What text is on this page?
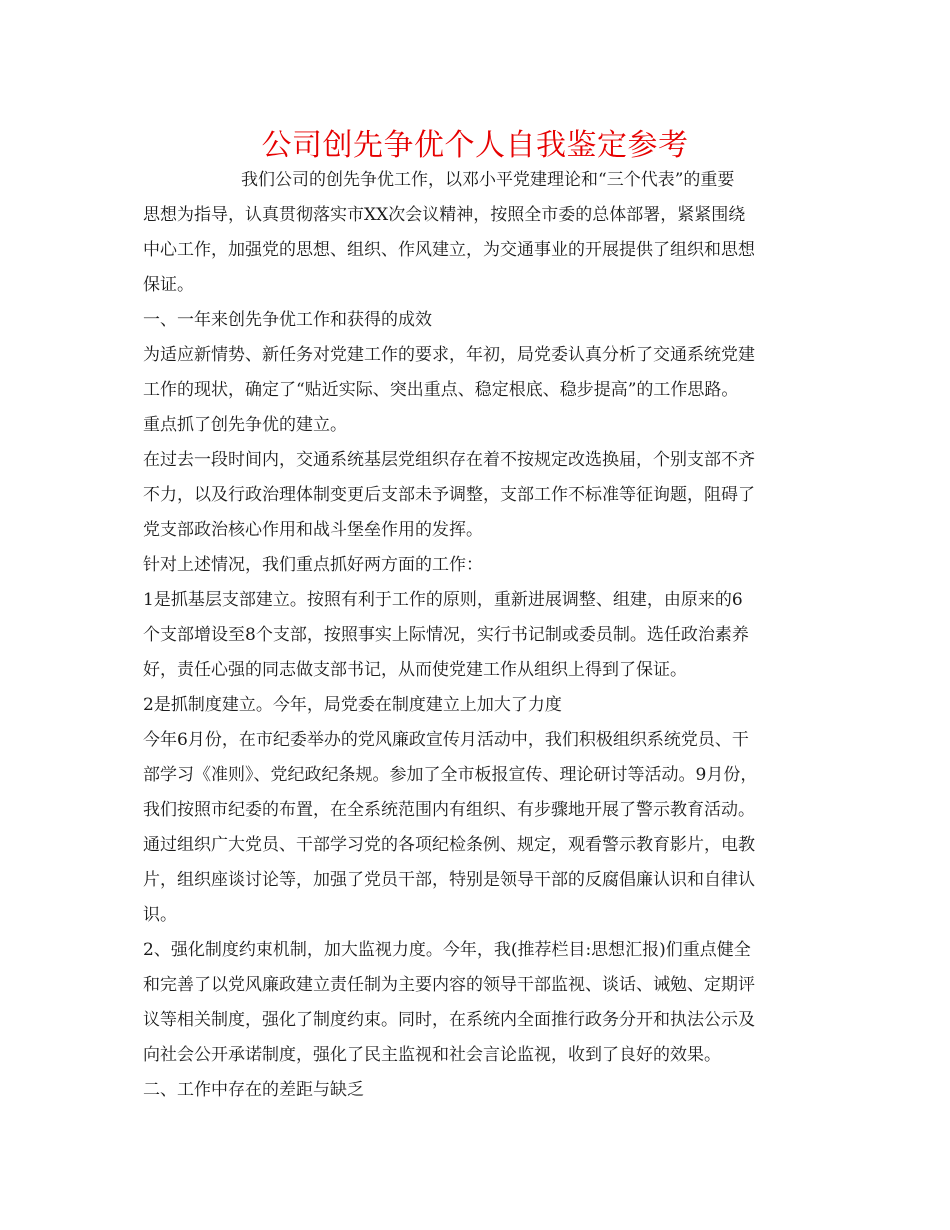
公司创先争优个人自我鉴定参考
我们公司的创先争优工作，以邓小平党建理论和“三个代表”的重要
思想为指导，认真贯彻落实市XX次会议精神，按照全市委的总体部署，紧紧围绕
中心工作，加强党的思想、组织、作风建立，为交通事业的开展提供了组织和思想
保证。
一、一年来创先争优工作和获得的成效
为适应新情势、新任务对党建工作的要求，年初，局党委认真分析了交通系统党建
工作的现状，确定了“贴近实际、突出重点、稳定根底、稳步提高”的工作思路。
重点抓了创先争优的建立。
在过去一段时间内，交通系统基层党组织存在着不按规定改选换届，个别支部不齐
不力，以及行政治理体制变更后支部未予调整，支部工作不标准等征询题，阻碍了
党支部政治核心作用和战斗堡垒作用的发挥。
针对上述情况，我们重点抓好两方面的工作：
1是抓基层支部建立。按照有利于工作的原则，重新进展调整、组建，由原来的6
个支部增设至8个支部，按照事实上际情况，实行书记制或委员制。选任政治素养
好，责任心强的同志做支部书记，从而使党建工作从组织上得到了保证。
2是抓制度建立。今年，局党委在制度建立上加大了力度
今年6月份，在市纪委举办的党风廉政宣传月活动中，我们积极组织系统党员、干
部学习《准则》、党纪政纪条规。参加了全市板报宣传、理论研讨等活动。9月份，
我们按照市纪委的布置，在全系统范围内有组织、有步骤地开展了警示教育活动。
通过组织广大党员、干部学习党的各项纪检条例、规定，观看警示教育影片，电教
片，组织座谈讨论等，加强了党员干部，特别是领导干部的反腐倡廉认识和自律认
识。
2、强化制度约束机制，加大监视力度。今年，我(推荐栏目:思想汇报)们重点健全
和完善了以党风廉政建立责任制为主要内容的领导干部监视、谈话、诫勉、定期评
议等相关制度，强化了制度约束。同时，在系统内全面推行政务分开和执法公示及
向社会公开承诺制度，强化了民主监视和社会言论监视，收到了良好的效果。
二、工作中存在的差距与缺乏
